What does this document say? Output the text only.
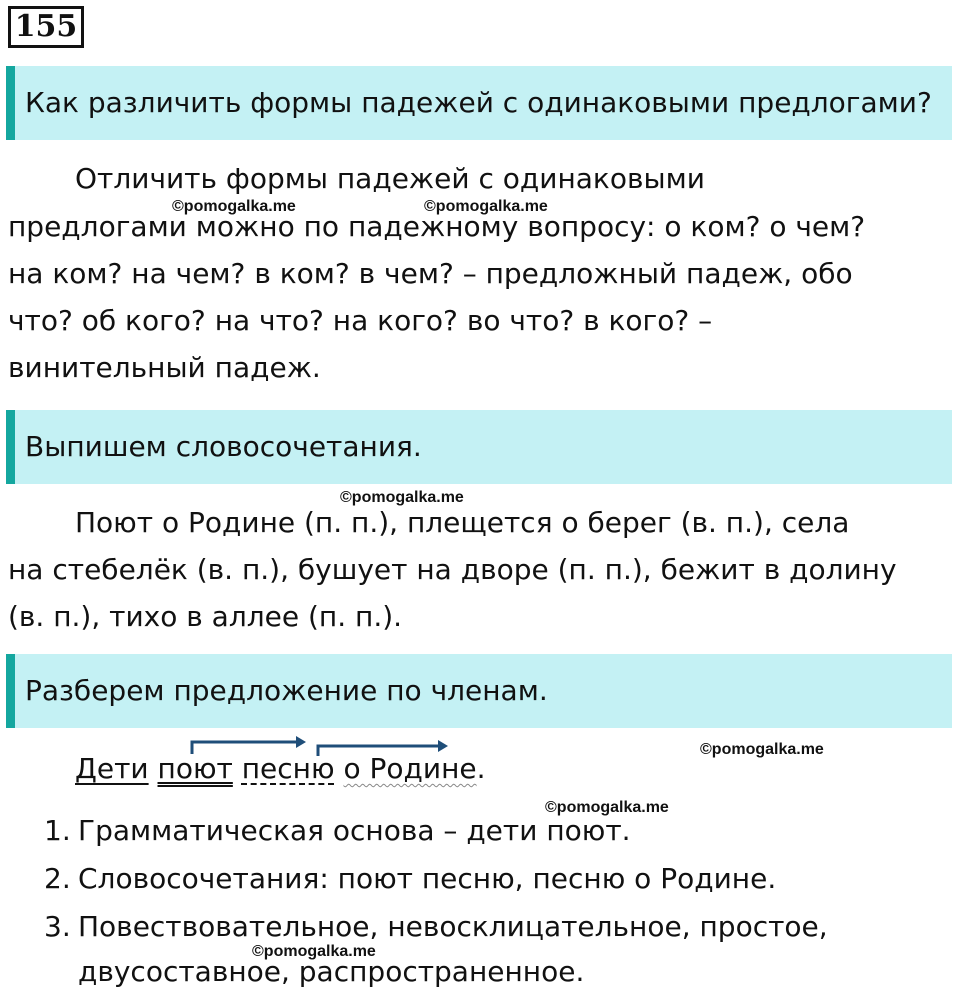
155
Как различить формы падежей с одинаковыми предлогами?
Отличить формы падежей с одинаковыми
предлогами можно по падежному вопросу: о ком? о чем?
на ком? на чем? в ком? в чем? – предложный падеж, обо
что? об кого? на что? на кого? во что? в кого? –
винительный падеж.
©pomogalka.me	©pomogalka.me
Выпишем словосочетания.
©pomogalka.me
Поют о Родине (п. п.), плещется о берег (в. п.), села
на стебелёк (в. п.), бушует на дворе (п. п.), бежит в долину
(в. п.), тихо в аллее (п. п.).
Разберем предложение по членам.
Дети поют песню о Родине.
©pomogalka.me
©pomogalka.me
1. Грамматическая основа – дети поют.
2. Словосочетания: поют песню, песню о Родине.
3. Повествовательное, невосклицательное, простое,
©pomogalka.me
двусоставное, распространенное.
